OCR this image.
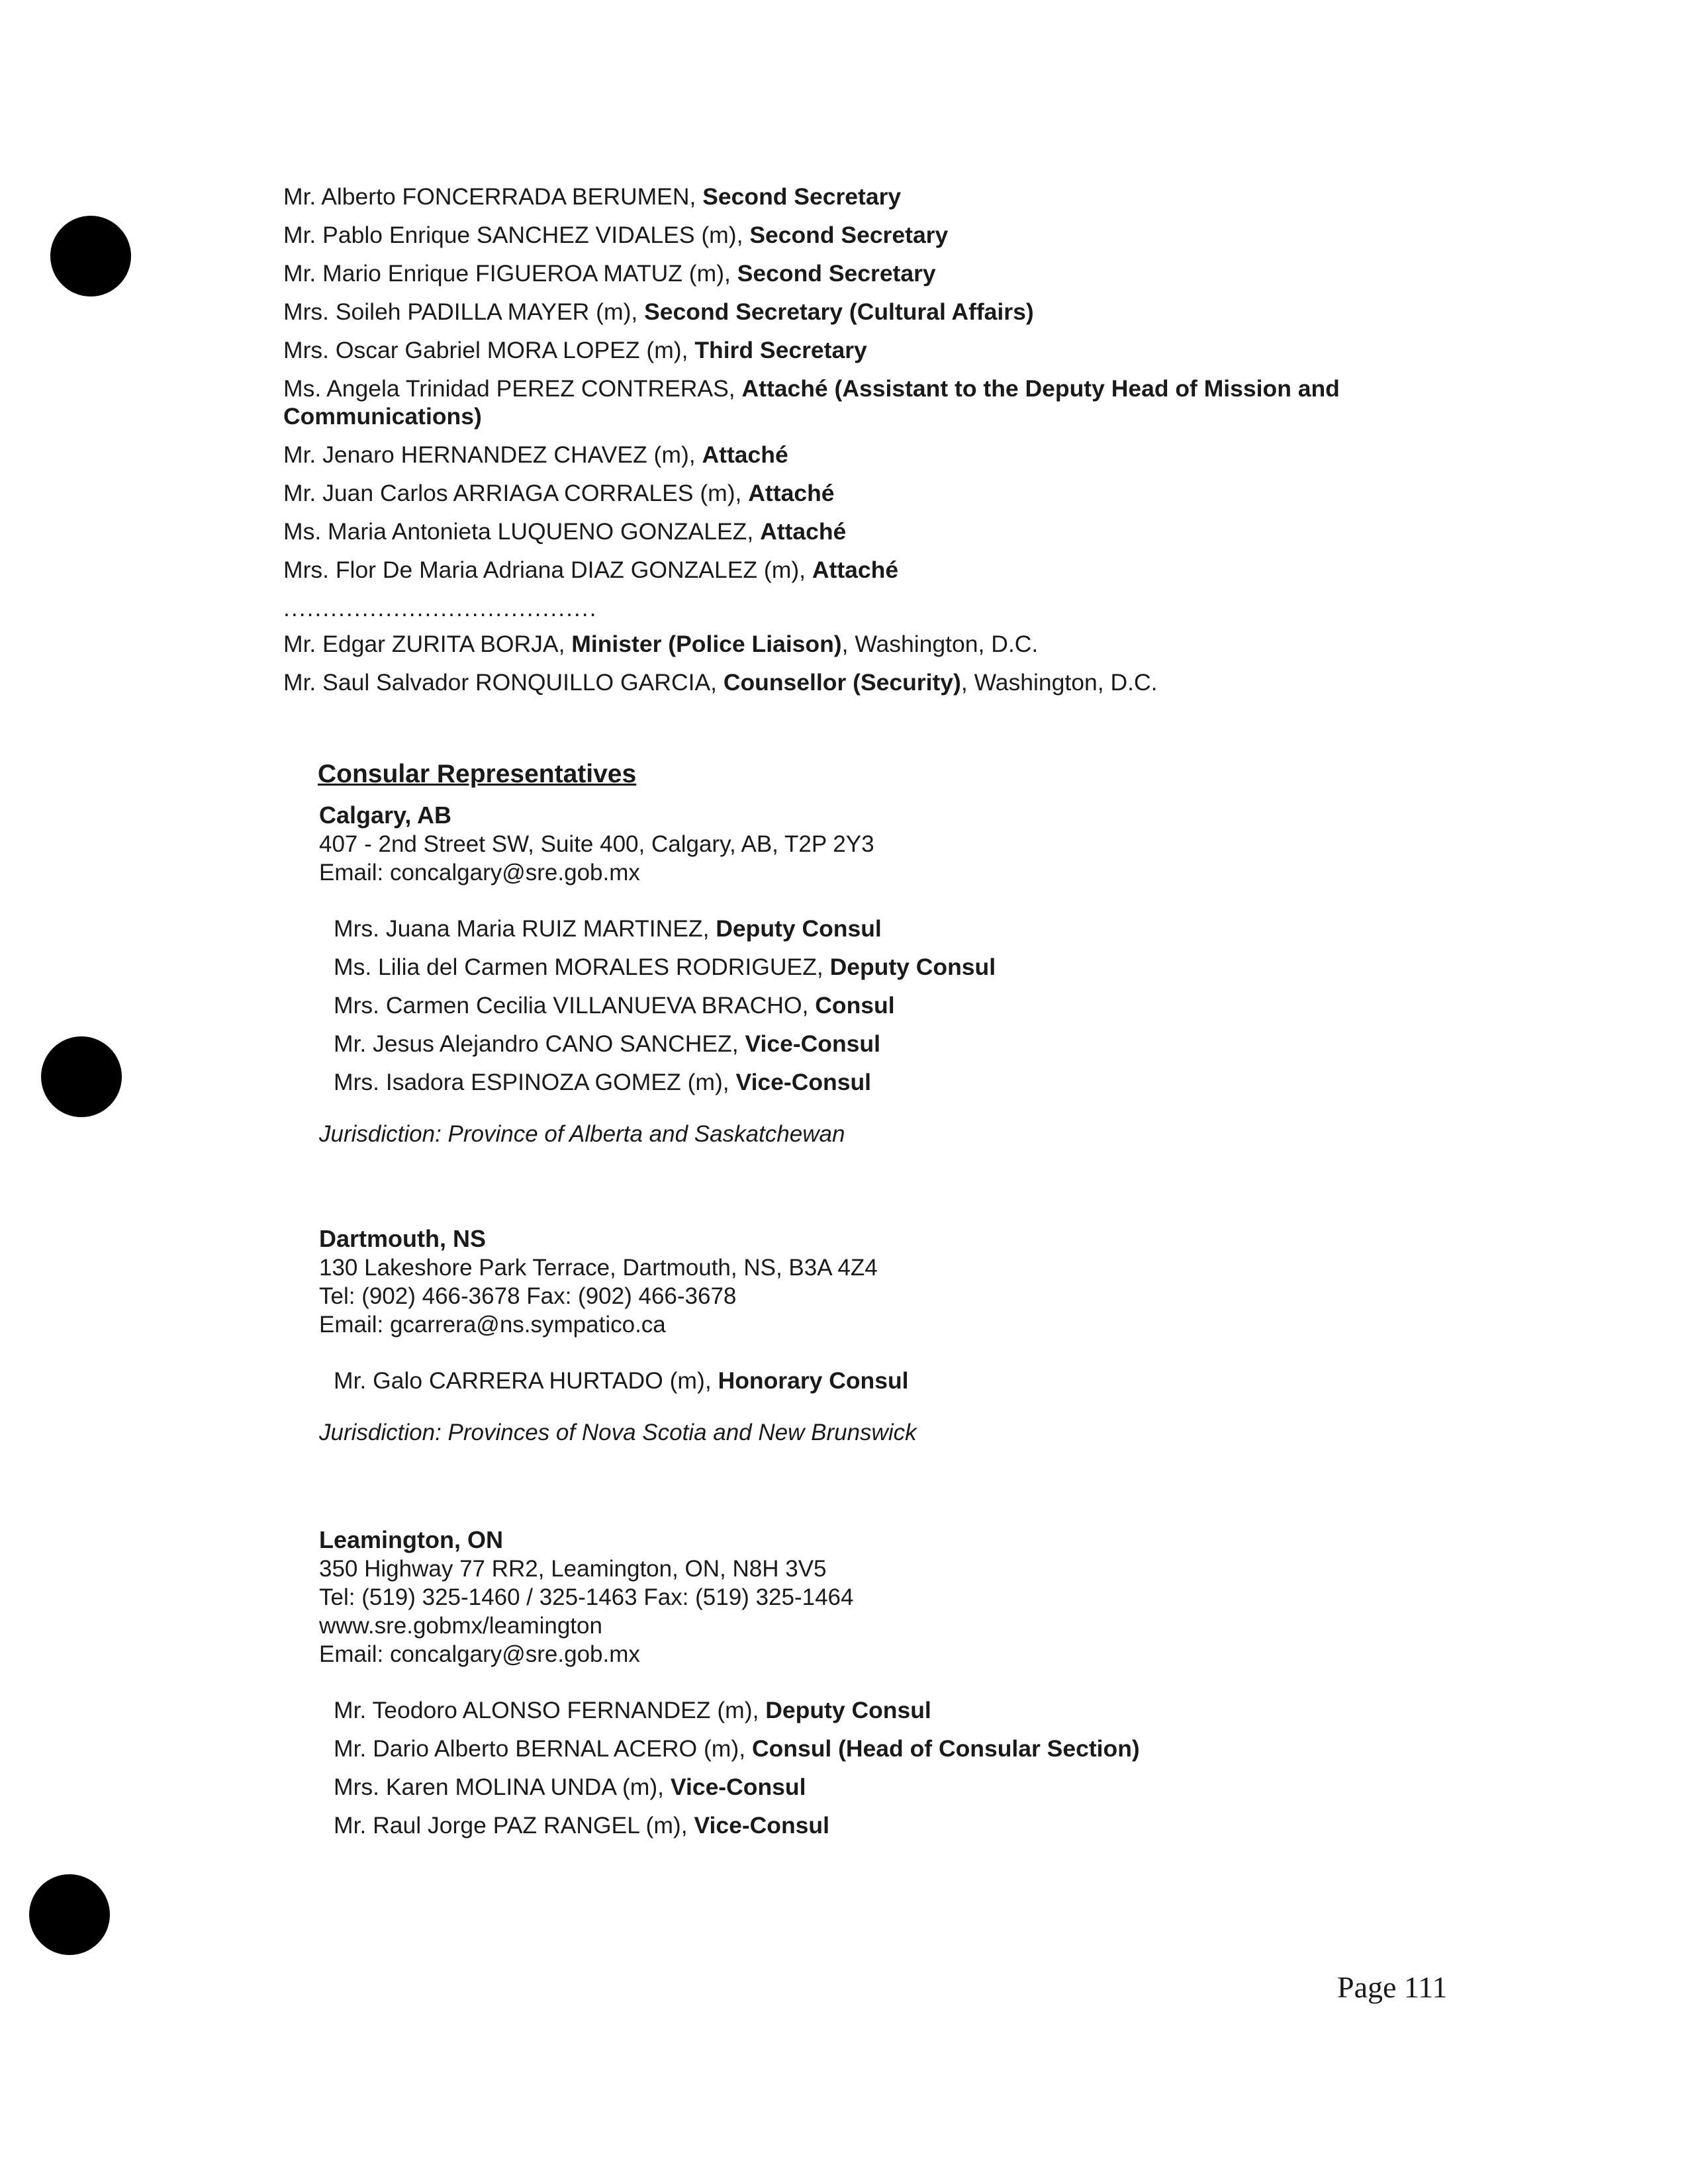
Mr. Alberto FONCERRADA BERUMEN, Second Secretary
Mr. Pablo Enrique SANCHEZ VIDALES (m), Second Secretary
Mr. Mario Enrique FIGUEROA MATUZ (m), Second Secretary
Mrs. Soileh PADILLA MAYER (m), Second Secretary (Cultural Affairs)
Mrs. Oscar Gabriel MORA LOPEZ (m), Third Secretary
Ms. Angela Trinidad PEREZ CONTRERAS, Attaché (Assistant to the Deputy Head of Mission and Communications)
Mr. Jenaro HERNANDEZ CHAVEZ (m), Attaché
Mr. Juan Carlos ARRIAGA CORRALES (m), Attaché
Ms. Maria Antonieta LUQUENO GONZALEZ, Attaché
Mrs. Flor De Maria Adriana DIAZ GONZALEZ (m), Attaché
........................................
Mr. Edgar ZURITA BORJA, Minister (Police Liaison), Washington, D.C.
Mr. Saul Salvador RONQUILLO GARCIA, Counsellor (Security), Washington, D.C.
Consular Representatives
Calgary, AB
407 - 2nd Street SW, Suite 400, Calgary, AB, T2P 2Y3
Email: concalgary@sre.gob.mx
Mrs. Juana Maria RUIZ MARTINEZ, Deputy Consul
Ms. Lilia del Carmen MORALES RODRIGUEZ, Deputy Consul
Mrs. Carmen Cecilia VILLANUEVA BRACHO, Consul
Mr. Jesus Alejandro CANO SANCHEZ, Vice-Consul
Mrs. Isadora ESPINOZA GOMEZ (m), Vice-Consul
Jurisdiction: Province of Alberta and Saskatchewan
Dartmouth, NS
130 Lakeshore Park Terrace, Dartmouth, NS, B3A 4Z4
Tel: (902) 466-3678 Fax: (902) 466-3678
Email: gcarrera@ns.sympatico.ca
Mr. Galo CARRERA HURTADO (m), Honorary Consul
Jurisdiction: Provinces of Nova Scotia and New Brunswick
Leamington, ON
350 Highway 77 RR2, Leamington, ON, N8H 3V5
Tel: (519) 325-1460 / 325-1463 Fax: (519) 325-1464
www.sre.gobmx/leamington
Email: concalgary@sre.gob.mx
Mr. Teodoro ALONSO FERNANDEZ (m), Deputy Consul
Mr. Dario Alberto BERNAL ACERO (m), Consul (Head of Consular Section)
Mrs. Karen MOLINA UNDA (m), Vice-Consul
Mr. Raul Jorge PAZ RANGEL (m), Vice-Consul
Page 111
